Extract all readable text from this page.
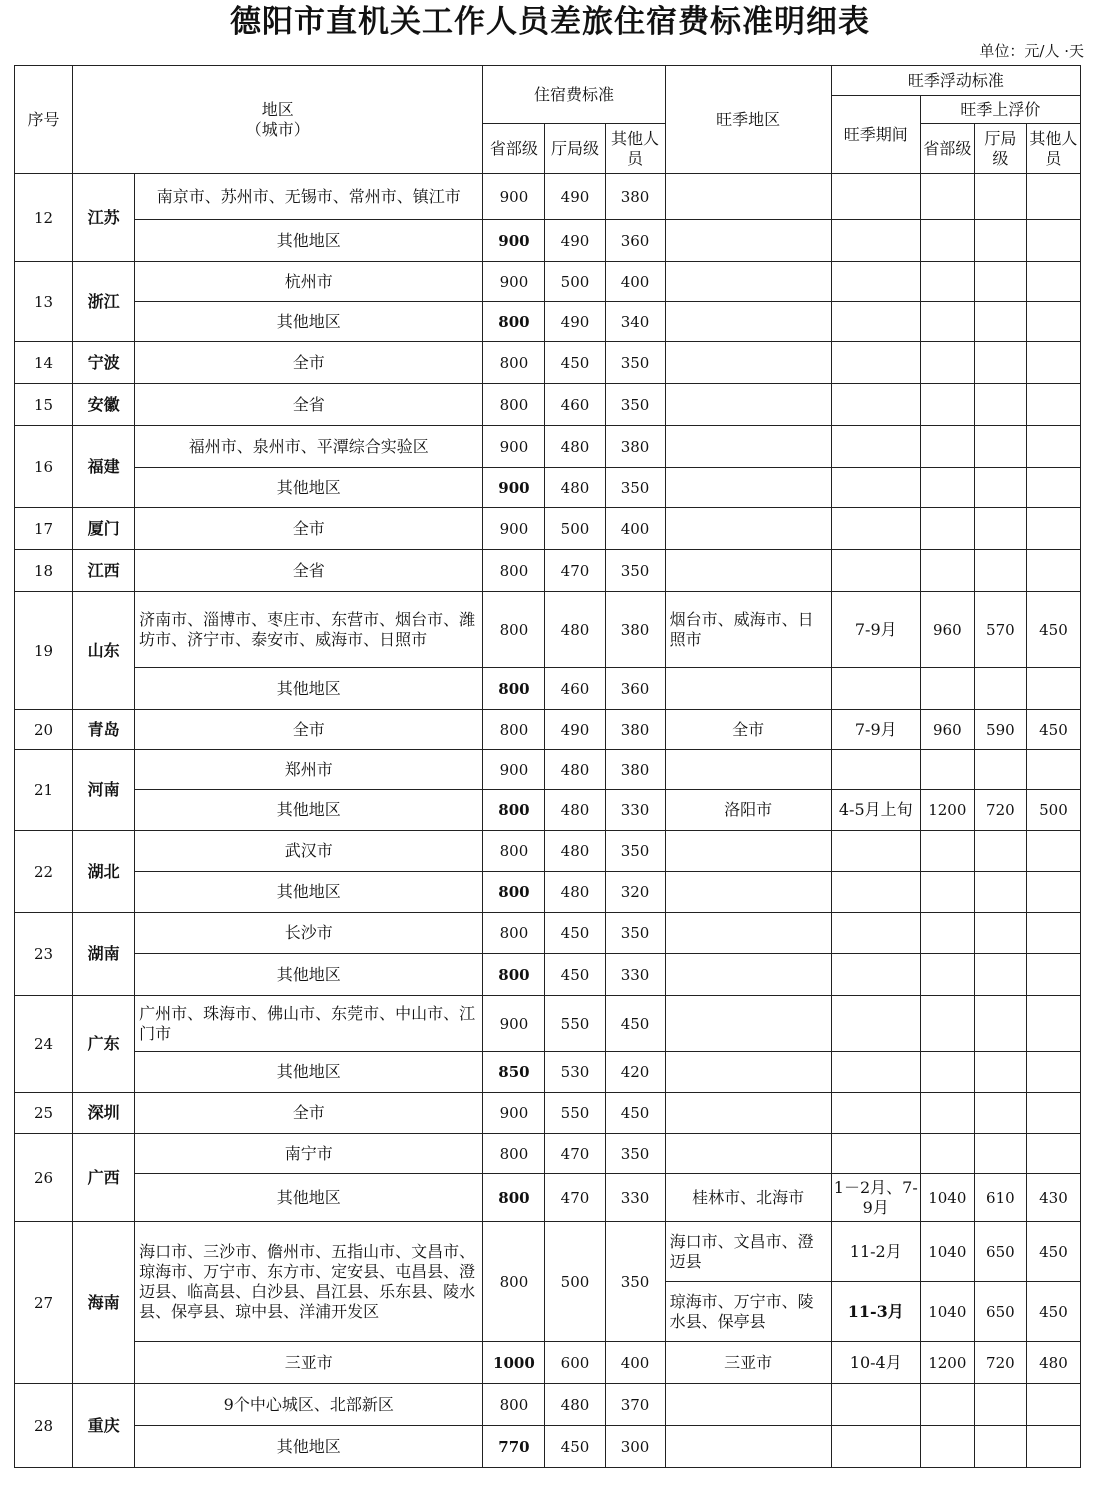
德阳市直机关工作人员差旅住宿费标准明细表
单位：元/人 ·天
序号	地区
（城市）		住宿费标准			旺季地区	旺季浮动标准			
							旺季期间	旺季上浮价		
			省部级	厅局级	其他人员			省部级	厅局级	其他人员
12	江苏	南京市、苏州市、无锡市、常州市、镇江市	900	490	380					
		其他地区	900	490	360					
13	浙江	杭州市	900	500	400					
		其他地区	800	490	340					
14	宁波	全市	800	450	350					
15	安徽	全省	800	460	350					
16	福建	福州市、泉州市、平潭综合实验区	900	480	380					
		其他地区	900	480	350					
17	厦门	全市	900	500	400					
18	江西	全省	800	470	350					
19	山东	济南市、淄博市、枣庄市、东营市、烟台市、潍坊市、济宁市、泰安市、威海市、日照市	800	480	380	烟台市、威海市、日照市	7-9月	960	570	450
		其他地区	800	460	360					
20	青岛	全市	800	490	380	全市	7-9月	960	590	450
21	河南	郑州市	900	480	380					
		其他地区	800	480	330	洛阳市	4-5月上旬	1200	720	500
22	湖北	武汉市	800	480	350					
		其他地区	800	480	320					
23	湖南	长沙市	800	450	350					
		其他地区	800	450	330					
24	广东	广州市、珠海市、佛山市、东莞市、中山市、江门市	900	550	450					
		其他地区	850	530	420					
25	深圳	全市	900	550	450					
26	广西	南宁市	800	470	350					
		其他地区	800	470	330	桂林市、北海市	1－2月、7-9月	1040	610	430
27	海南	海口市、三沙市、儋州市、五指山市、文昌市、琼海市、万宁市、东方市、定安县、屯昌县、澄迈县、临高县、白沙县、昌江县、乐东县、陵水县、保亭县、琼中县、洋浦开发区	800	500	350	海口市、文昌市、澄迈县	11-2月	1040	650	450
						琼海市、万宁市、陵水县、保亭县	11-3月	1040	650	450
		三亚市	1000	600	400	三亚市	10-4月	1200	720	480
28	重庆	9个中心城区、北部新区	800	480	370					
		其他地区	770	450	300					
